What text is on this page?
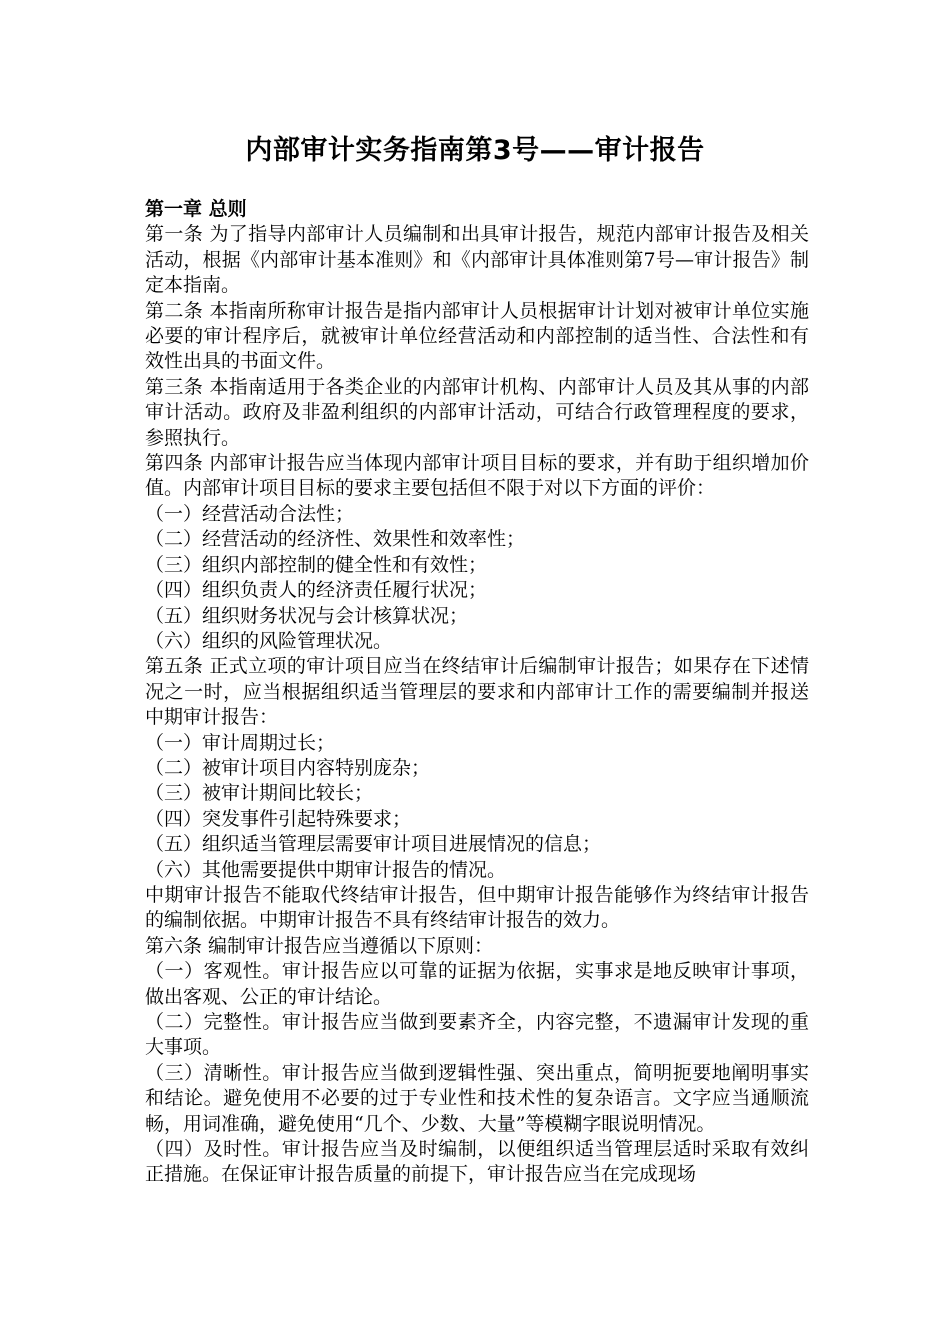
内部审计实务指南第3号——审计报告

第一章 总则

第一条 为了指导内部审计人员编制和出具审计报告，规范内部审计报告及相关活动，根据《内部审计基本准则》和《内部审计具体准则第7号—审计报告》制定本指南。

第二条 本指南所称审计报告是指内部审计人员根据审计计划对被审计单位实施必要的审计程序后，就被审计单位经营活动和内部控制的适当性、合法性和有效性出具的书面文件。

第三条 本指南适用于各类企业的内部审计机构、内部审计人员及其从事的内部审计活动。政府及非盈利组织的内部审计活动，可结合行政管理程度的要求，参照执行。

第四条 内部审计报告应当体现内部审计项目目标的要求，并有助于组织增加价值。内部审计项目目标的要求主要包括但不限于对以下方面的评价：

（一）经营活动合法性；

（二）经营活动的经济性、效果性和效率性；

（三）组织内部控制的健全性和有效性；

（四）组织负责人的经济责任履行状况；

（五）组织财务状况与会计核算状况；

（六）组织的风险管理状况。

第五条 正式立项的审计项目应当在终结审计后编制审计报告；如果存在下述情况之一时，应当根据组织适当管理层的要求和内部审计工作的需要编制并报送中期审计报告：

（一）审计周期过长；

（二）被审计项目内容特别庞杂；

（三）被审计期间比较长；

（四）突发事件引起特殊要求；

（五）组织适当管理层需要审计项目进展情况的信息；

（六）其他需要提供中期审计报告的情况。

中期审计报告不能取代终结审计报告，但中期审计报告能够作为终结审计报告的编制依据。中期审计报告不具有终结审计报告的效力。

第六条 编制审计报告应当遵循以下原则：

（一）客观性。审计报告应以可靠的证据为依据，实事求是地反映审计事项，做出客观、公正的审计结论。

（二）完整性。审计报告应当做到要素齐全，内容完整，不遗漏审计发现的重大事项。

（三）清晰性。审计报告应当做到逻辑性强、突出重点，简明扼要地阐明事实和结论。避免使用不必要的过于专业性和技术性的复杂语言。文字应当通顺流畅，用词准确，避免使用“几个、少数、大量”等模糊字眼说明情况。

（四）及时性。审计报告应当及时编制，以便组织适当管理层适时采取有效纠正措施。在保证审计报告质量的前提下，审计报告应当在完成现场
